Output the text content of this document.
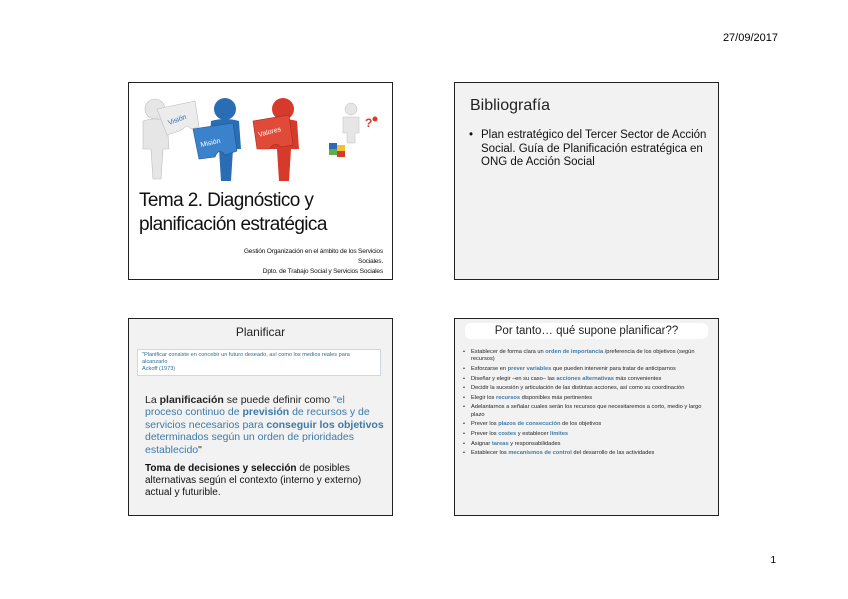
27/09/2017
1
Visión
Misión
Valores
?
Tema 2. Diagnóstico y
planificación estratégica
Gestión Organización en el ámbito de los Servicios
Sociales.
Dpto. de Trabajo Social y Servicios Sociales
Bibliografía
• Plan estratégico del Tercer Sector de Acción Social. Guía de Planificación estratégica en ONG de Acción Social
Planificar
"Planificar consiste en concebir un futuro deseado, así como los medios reales para alcanzarlo
Ackoff (1973)
La planificación se puede definir como "el proceso continuo de previsión de recursos y de servicios necesarios para conseguir los objetivos determinados según un orden de prioridades establecido"
Toma de decisiones y selección de posibles alternativas según el contexto (interno y externo) actual y futurible.
Por tanto… qué supone planificar??
• Establecer de forma clara un orden de importancia /preferencia de los objetivos (según recursos)
• Esforzarse en prever variables que pueden intervenir para tratar de anticiparnos
• Diseñar y elegir –en su caso– las acciones alternativas más convenientes
• Decidir la sucesión y articulación de las distintas acciones, así como su coordinación
• Elegir los recursos disponibles más pertinentes
• Adelantarnos a señalar cuales serán los recursos que necesitaremos a corto, medio y largo plazo
• Prever los plazos de consecución de los objetivos
• Prever los costes y establecer límites
• Asignar tareas y responsabilidades
• Establecer los mecanismos de control del desarrollo de las actividades
